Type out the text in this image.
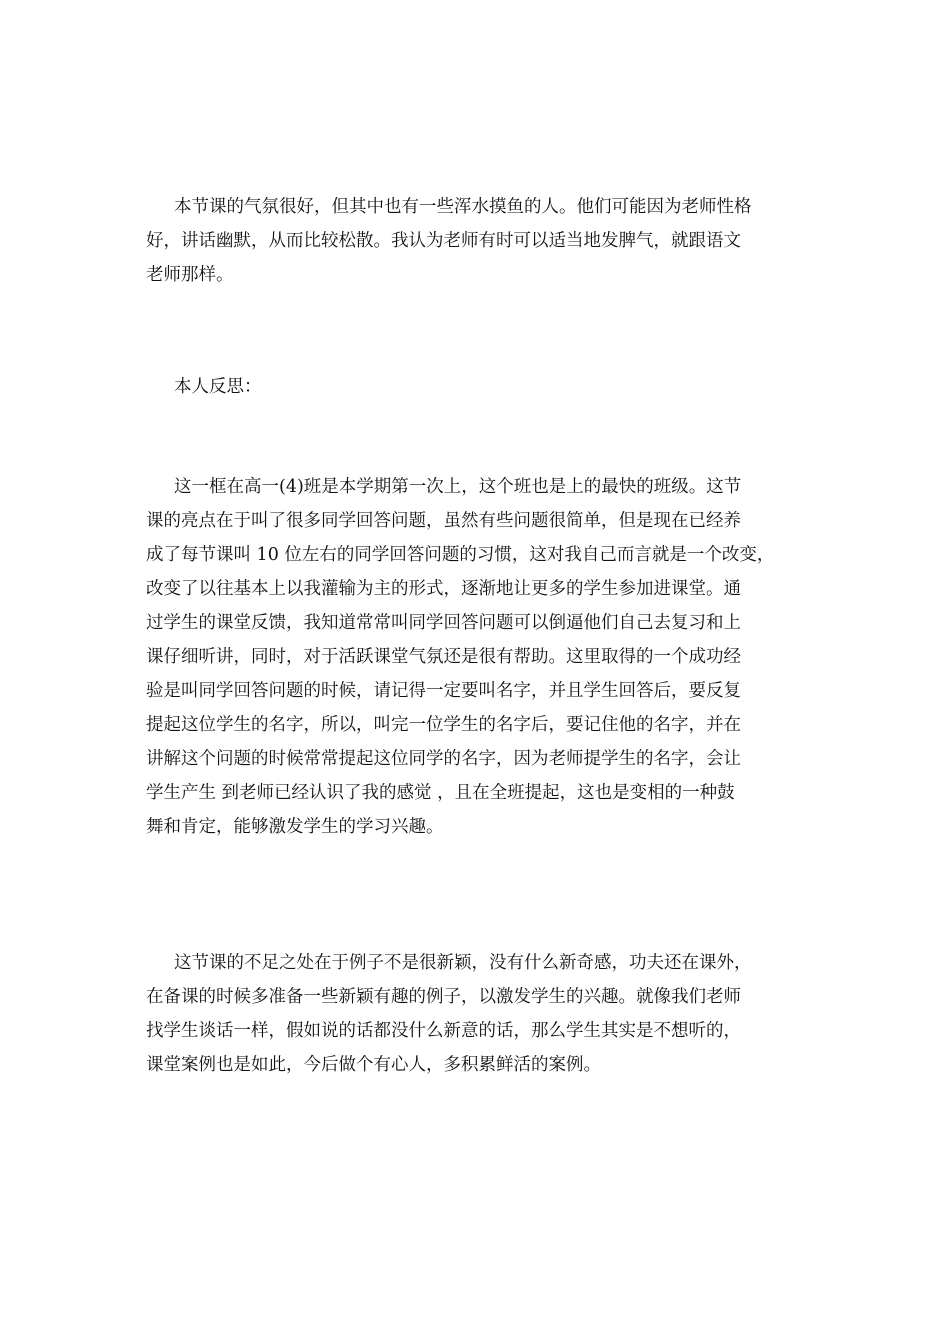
本节课的气氛很好，但其中也有一些浑水摸鱼的人。他们可能因为老师性格
好，讲话幽默，从而比较松散。我认为老师有时可以适当地发脾气，就跟语文
老师那样。
本人反思：
这一框在高一(4)班是本学期第一次上，这个班也是上的最快的班级。这节
课的亮点在于叫了很多同学回答问题，虽然有些问题很简单，但是现在已经养
成了每节课叫 10 位左右的同学回答问题的习惯，这对我自己而言就是一个改变，
改变了以往基本上以我灌输为主的形式，逐渐地让更多的学生参加进课堂。通
过学生的课堂反馈，我知道常常叫同学回答问题可以倒逼他们自己去复习和上
课仔细听讲，同时，对于活跃课堂气氛还是很有帮助。这里取得的一个成功经
验是叫同学回答问题的时候，请记得一定要叫名字，并且学生回答后，要反复
提起这位学生的名字，所以，叫完一位学生的名字后，要记住他的名字，并在
讲解这个问题的时候常常提起这位同学的名字，因为老师提学生的名字，会让
学生产生 到老师已经认识了我的感觉 ，且在全班提起，这也是变相的一种鼓
舞和肯定，能够激发学生的学习兴趣。
这节课的不足之处在于例子不是很新颖，没有什么新奇感，功夫还在课外，
在备课的时候多准备一些新颖有趣的例子，以激发学生的兴趣。就像我们老师
找学生谈话一样，假如说的话都没什么新意的话，那么学生其实是不想听的，
课堂案例也是如此，今后做个有心人，多积累鲜活的案例。
